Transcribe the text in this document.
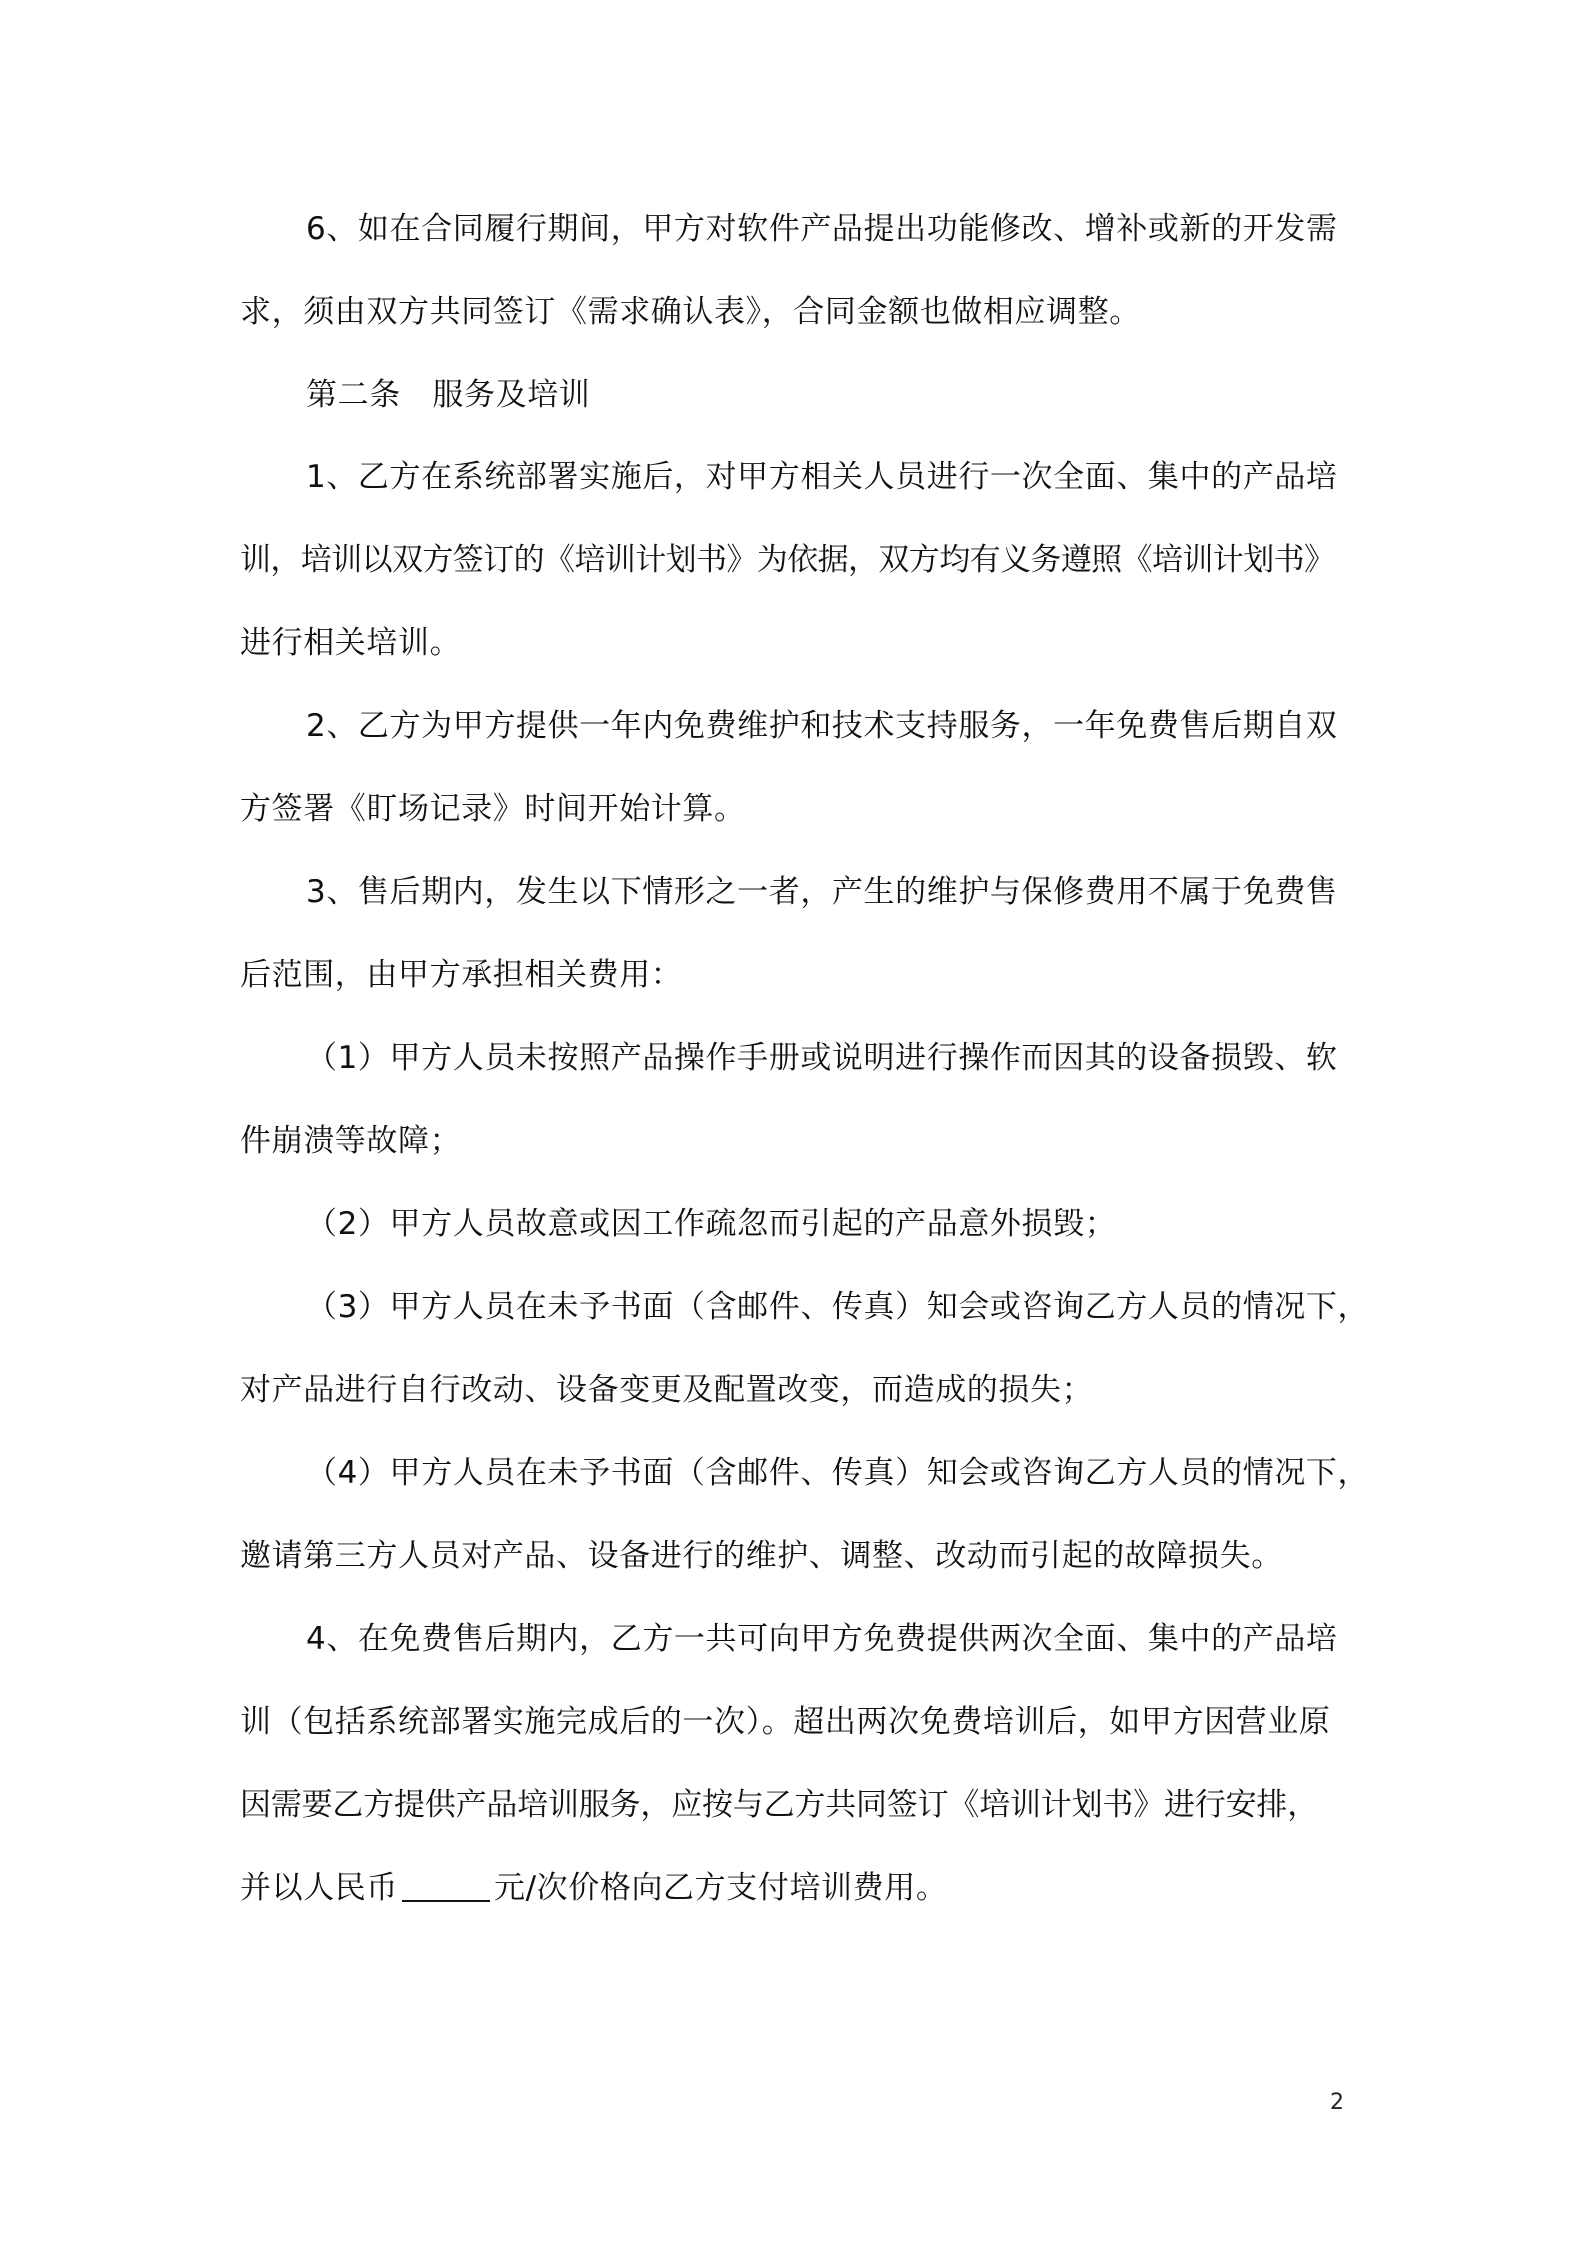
6、如在合同履行期间，甲方对软件产品提出功能修改、增补或新的开发需
求，须由双方共同签订《需求确认表》，合同金额也做相应调整。
第二条　服务及培训
1、乙方在系统部署实施后，对甲方相关人员进行一次全面、集中的产品培
训，培训以双方签订的《培训计划书》为依据，双方均有义务遵照《培训计划书》
进行相关培训。
2、乙方为甲方提供一年内免费维护和技术支持服务，一年免费售后期自双
方签署《盯场记录》时间开始计算。
3、售后期内，发生以下情形之一者，产生的维护与保修费用不属于免费售
后范围，由甲方承担相关费用：
（1）甲方人员未按照产品操作手册或说明进行操作而因其的设备损毁、软
件崩溃等故障；
（2）甲方人员故意或因工作疏忽而引起的产品意外损毁；
（3）甲方人员在未予书面（含邮件、传真）知会或咨询乙方人员的情况下，
对产品进行自行改动、设备变更及配置改变，而造成的损失；
（4）甲方人员在未予书面（含邮件、传真）知会或咨询乙方人员的情况下，
邀请第三方人员对产品、设备进行的维护、调整、改动而引起的故障损失。
4、在免费售后期内，乙方一共可向甲方免费提供两次全面、集中的产品培
训（包括系统部署实施完成后的一次）。超出两次免费培训后，如甲方因营业原
因需要乙方提供产品培训服务，应按与乙方共同签订《培训计划书》进行安排，
并以人民币	元/次价格向乙方支付培训费用。
2
